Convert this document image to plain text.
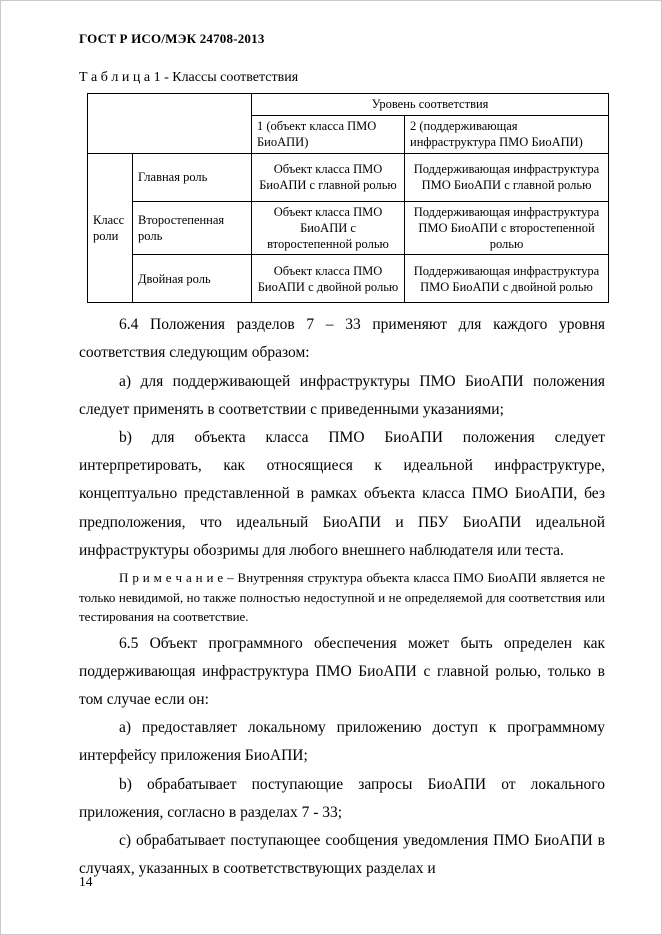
ГОСТ Р ИСО/МЭК 24708-2013
Т а б л и ц а 1 - Классы соответствия
		Уровень соответствия	
		1 (объект класса ПМО БиоАПИ)	2 (поддерживающая инфраструктура ПМО БиоАПИ)
Класс роли	Главная роль	Объект класса ПМО БиоАПИ с главной ролью	Поддерживающая инфраструктура ПМО БиоАПИ с главной ролью
	Второстепенная роль	Объект класса ПМО БиоАПИ с второстепенной ролью	Поддерживающая инфраструктура ПМО БиоАПИ с второстепенной ролью
	Двойная роль	Объект класса ПМО БиоАПИ с двойной ролью	Поддерживающая инфраструктура ПМО БиоАПИ с двойной ролью

6.4 Положения разделов 7 – 33 применяют для каждого уровня соответствия следующим образом:

a) для поддерживающей инфраструктуры ПМО БиоАПИ положения следует применять в соответствии с приведенными указаниями;

b) для объекта класса ПМО БиоАПИ положения следует интерпретировать, как относящиеся к идеальной инфраструктуре, концептуально представленной в рамках объекта класса ПМО БиоАПИ, без предположения, что идеальный БиоАПИ и ПБУ БиоАПИ идеальной инфраструктуры обозримы для любого внешнего наблюдателя или теста.

П р и м е ч а н и е – Внутренняя структура объекта класса ПМО БиоАПИ является не только невидимой, но также полностью недоступной и не определяемой для соответствия или тестирования на соответствие.

6.5 Объект программного обеспечения может быть определен как поддерживающая инфраструктура ПМО БиоАПИ с главной ролью, только в том случае если он:

a) предоставляет локальному приложению доступ к программному интерфейсу приложения БиоАПИ;

b) обрабатывает поступающие запросы БиоАПИ от локального приложения, согласно в разделах 7 - 33;

c) обрабатывает поступающее сообщения уведомления ПМО БиоАПИ в случаях, указанных в соответствствующих разделах и

14
